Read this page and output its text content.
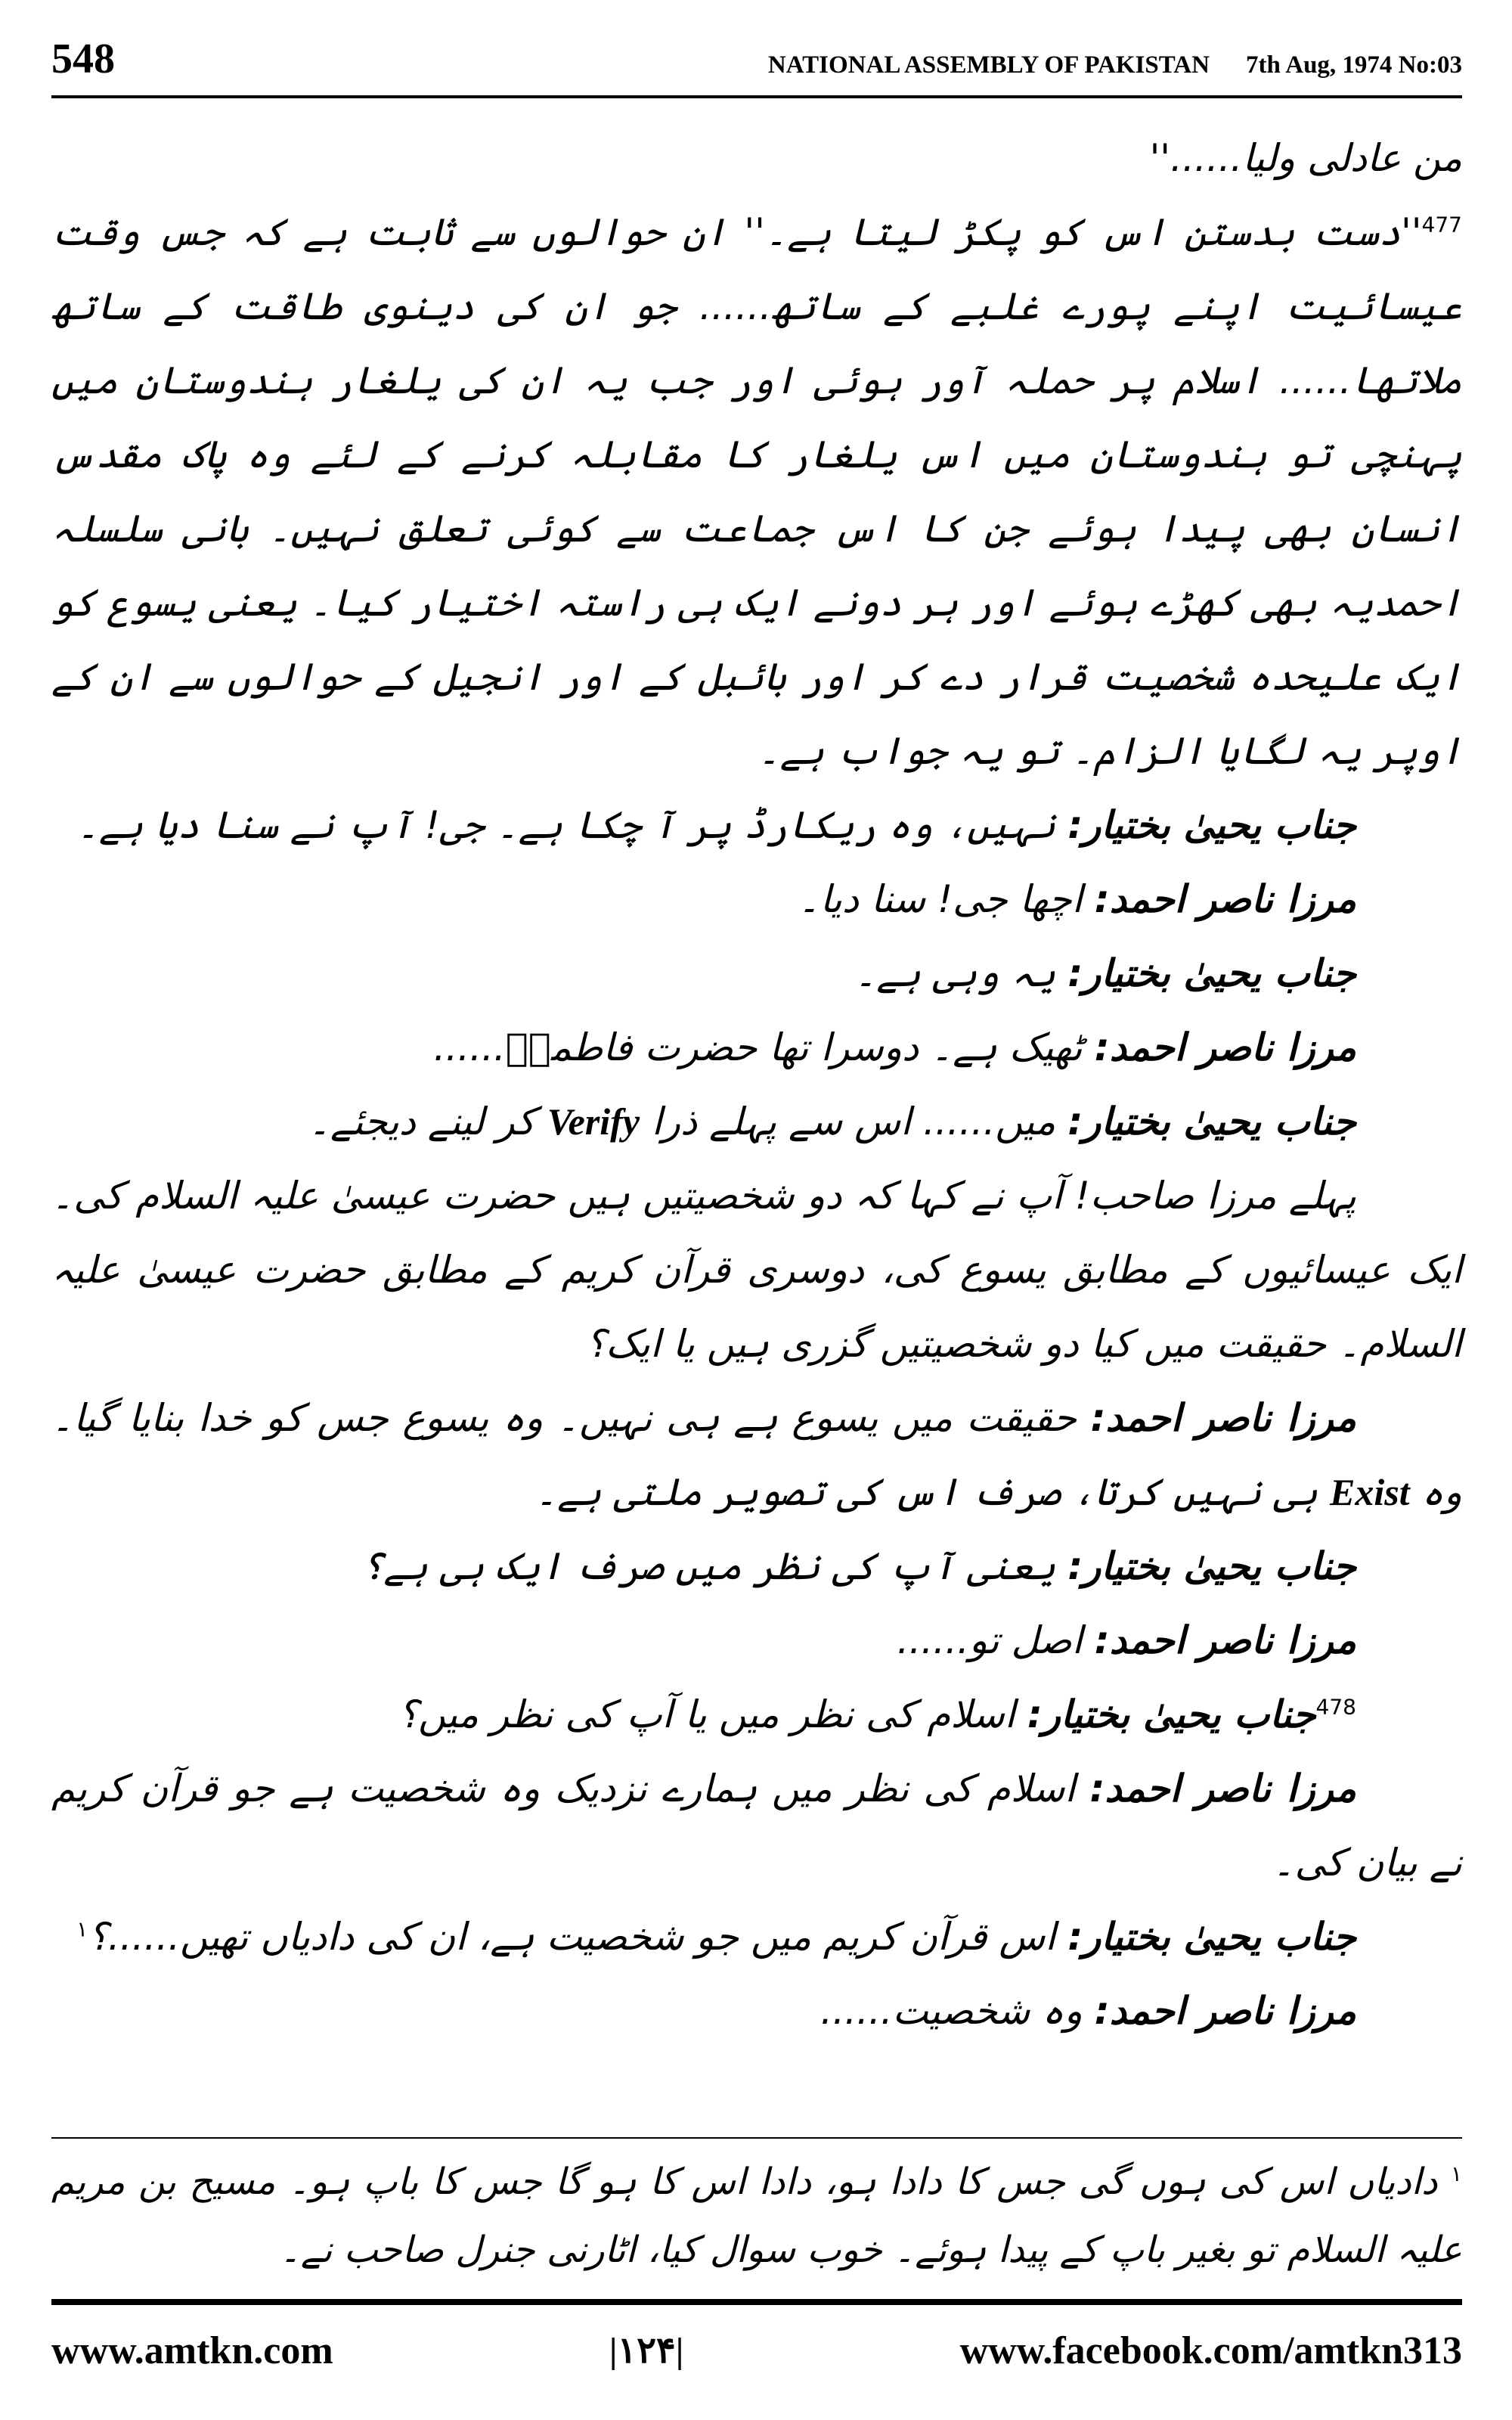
548	NATIONAL ASSEMBLY OF PAKISTAN 7th Aug, 1974 No:03

من عادلی ولیا......''

$^{477}$''دست بدستن اس کو پکڑ لیتا ہے۔'' ان حوالوں سے ثابت ہے کہ جس وقت عیسائیت اپنے پورے غلبے کے ساتھ...... جو ان کی دینوی طاقت کے ساتھ ملاتھا...... اسلام پر حملہ آور ہوئی اور جب یہ ان کی یلغار ہندوستان میں پہنچی تو ہندوستان میں اس یلغار کا مقابلہ کرنے کے لئے وہ پاک مقدس انسان بھی پیدا ہوئے جن کا اس جماعت سے کوئی تعلق نہیں۔ بانی سلسلہ احمدیہ بھی کھڑے ہوئے اور ہر دونے ایک ہی راستہ اختیار کیا۔ یعنی یسوع کو ایک علیحدہ شخصیت قرار دے کر اور بائبل کے اور انجیل کے حوالوں سے ان کے اوپر یہ لگایا الزام۔ تو یہ جواب ہے۔

جناب یحییٰ بختیار: نہیں، وہ ریکارڈ پر آ چکا ہے۔ جی! آپ نے سنا دیا ہے۔

مرزا ناصر احمد: اچھا جی! سنا دیا۔

جناب یحییٰ بختیار: یہ وہی ہے۔

مرزا ناصر احمد: ٹھیک ہے۔ دوسرا تھا حضرت فاطمہؓ......

جناب یحییٰ بختیار: میں...... اس سے پہلے ذرا Verify کر لینے دیجئے۔

پہلے مرزا صاحب! آپ نے کہا کہ دو شخصیتیں ہیں حضرت عیسیٰ علیہ السلام کی۔ ایک عیسائیوں کے مطابق یسوع کی، دوسری قرآن کریم کے مطابق حضرت عیسیٰ علیہ السلام۔ حقیقت میں کیا دو شخصیتیں گزری ہیں یا ایک؟

مرزا ناصر احمد: حقیقت میں یسوع ہے ہی نہیں۔ وہ یسوع جس کو خدا بنایا گیا۔ وہ Exist ہی نہیں کرتا، صرف اس کی تصویر ملتی ہے۔

جناب یحییٰ بختیار: یعنی آپ کی نظر میں صرف ایک ہی ہے؟

مرزا ناصر احمد: اصل تو......

$^{478}$جناب یحییٰ بختیار: اسلام کی نظر میں یا آپ کی نظر میں؟

مرزا ناصر احمد: اسلام کی نظر میں ہمارے نزدیک وہ شخصیت ہے جو قرآن کریم نے بیان کی۔

جناب یحییٰ بختیار: اس قرآن کریم میں جو شخصیت ہے، ان کی دادیاں تھیں......؟$^۱$

مرزا ناصر احمد: وہ شخصیت......

$^۱$ دادیاں اس کی ہوں گی جس کا دادا ہو، دادا اس کا ہو گا جس کا باپ ہو۔ مسیح بن مریم علیہ السلام تو بغیر باپ کے پیدا ہوئے۔ خوب سوال کیا، اٹارنی جنرل صاحب نے۔
www.amtkn.com	|۱۲۴|	www.facebook.com/amtkn313
